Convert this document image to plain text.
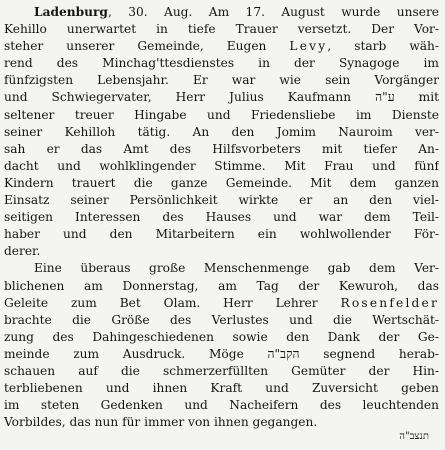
Ladenburg, 30. Aug. Am 17. August wurde unsere
Kehillo unerwartet in tiefe Trauer versetzt. Der Vor-
steher unserer Gemeinde, Eugen Levy, starb wäh-
rend des Minchag'ttesdienstes in der Synagoge im
fünfzigsten Lebensjahr. Er war wie sein Vorgänger
und Schwiegervater, Herr Julius Kaufmann ע"ה mit
seltener treuer Hingabe und Friedensliebe im Dienste
seiner Kehilloh tätig. An den Jomim Nauroim ver-
sah er das Amt des Hilfsvorbeters mit tiefer An-
dacht und wohlklingender Stimme. Mit Frau und fünf
Kindern trauert die ganze Gemeinde. Mit dem ganzen
Einsatz seiner Persönlichkeit wirkte er an den viel-
seitigen Interessen des Hauses und war dem Teil-
haber und den Mitarbeitern ein wohlwollender För-
derer.
Eine überaus große Menschenmenge gab dem Ver-
blichenen am Donnerstag, am Tag der Kewuroh, das
Geleite zum Bet Olam. Herr Lehrer Rosenfelder
brachte die Größe des Verlustes und die Wertschät-
zung des Dahingeschiedenen sowie den Dank der Ge-
meinde zum Ausdruck. Möge הקב"ה segnend herab-
schauen auf die schmerzerfüllten Gemüter der Hin-
terbliebenen und ihnen Kraft und Zuversicht geben
im steten Gedenken und Nacheifern des leuchtenden
Vorbildes, das nun für immer von ihnen gegangen.
תנצב"ה
